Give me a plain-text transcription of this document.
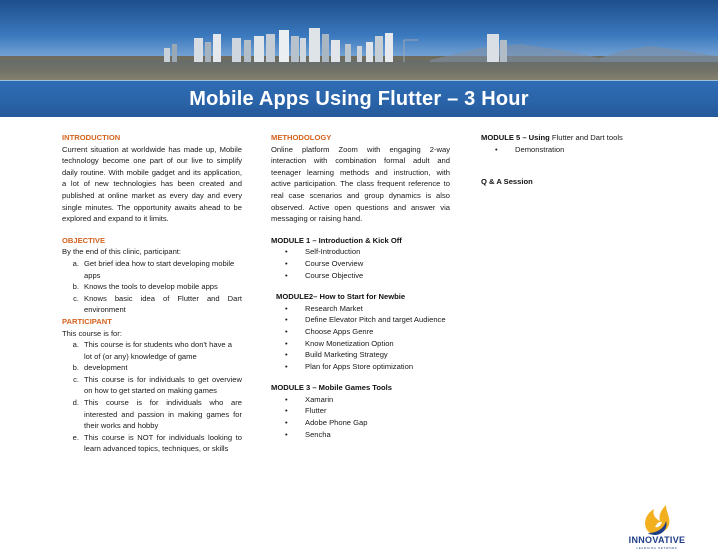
Mobile Apps Using Flutter – 3 Hour
INTRODUCTION

Current situation at worldwide has made up, Mobile technology become one part of our live to simplify daily routine. With mobile gadget and its application, a lot of new technologies has been created and published at online market as every day and every single minutes. The opportunity awaits ahead to be explored and expand to it limits.

OBJECTIVE
By the end of this clinic, participant:
a. Get brief idea how to start developing mobile apps
b. Knows the tools to develop mobile apps
c. Knows basic idea of Flutter and Dart environment
PARTICIPANT
This course is for:
a. This course is for students who don't have a lot of (or any) knowledge of game
b. development
c. This course is for individuals to get overview on how to get started on making games
d. This course is for individuals who are interested and passion in making games for their works and hobby
e. This course is NOT for individuals looking to learn advanced topics, techniques, or skills
METHODOLOGY

Online platform Zoom with engaging 2-way interaction with combination formal adult and teenager learning methods and instruction, with active participation. The class frequent reference to real case scenarios and group dynamics is also observed. Active open questions and answer via messaging or raising hand.

MODULE 1 – Introduction & Kick Off
•	Self-Introduction
•	Course Overview
•	Course Objective
MODULE2– How to Start for Newbie
•	Research Market
•	Define Elevator Pitch and target Audience
•	Choose Apps Genre
•	Know Monetization Option
•	Build Marketing Strategy
•	Plan for Apps Store optimization
MODULE 3 – Mobile Games Tools
•	Xamarin
•	Flutter
•	Adobe Phone Gap
•	Sencha
MODULE 5 – Using Flutter and Dart tools
•	Demonstration
Q & A Session
INNOVATIVE
LEARNING NETWORK
